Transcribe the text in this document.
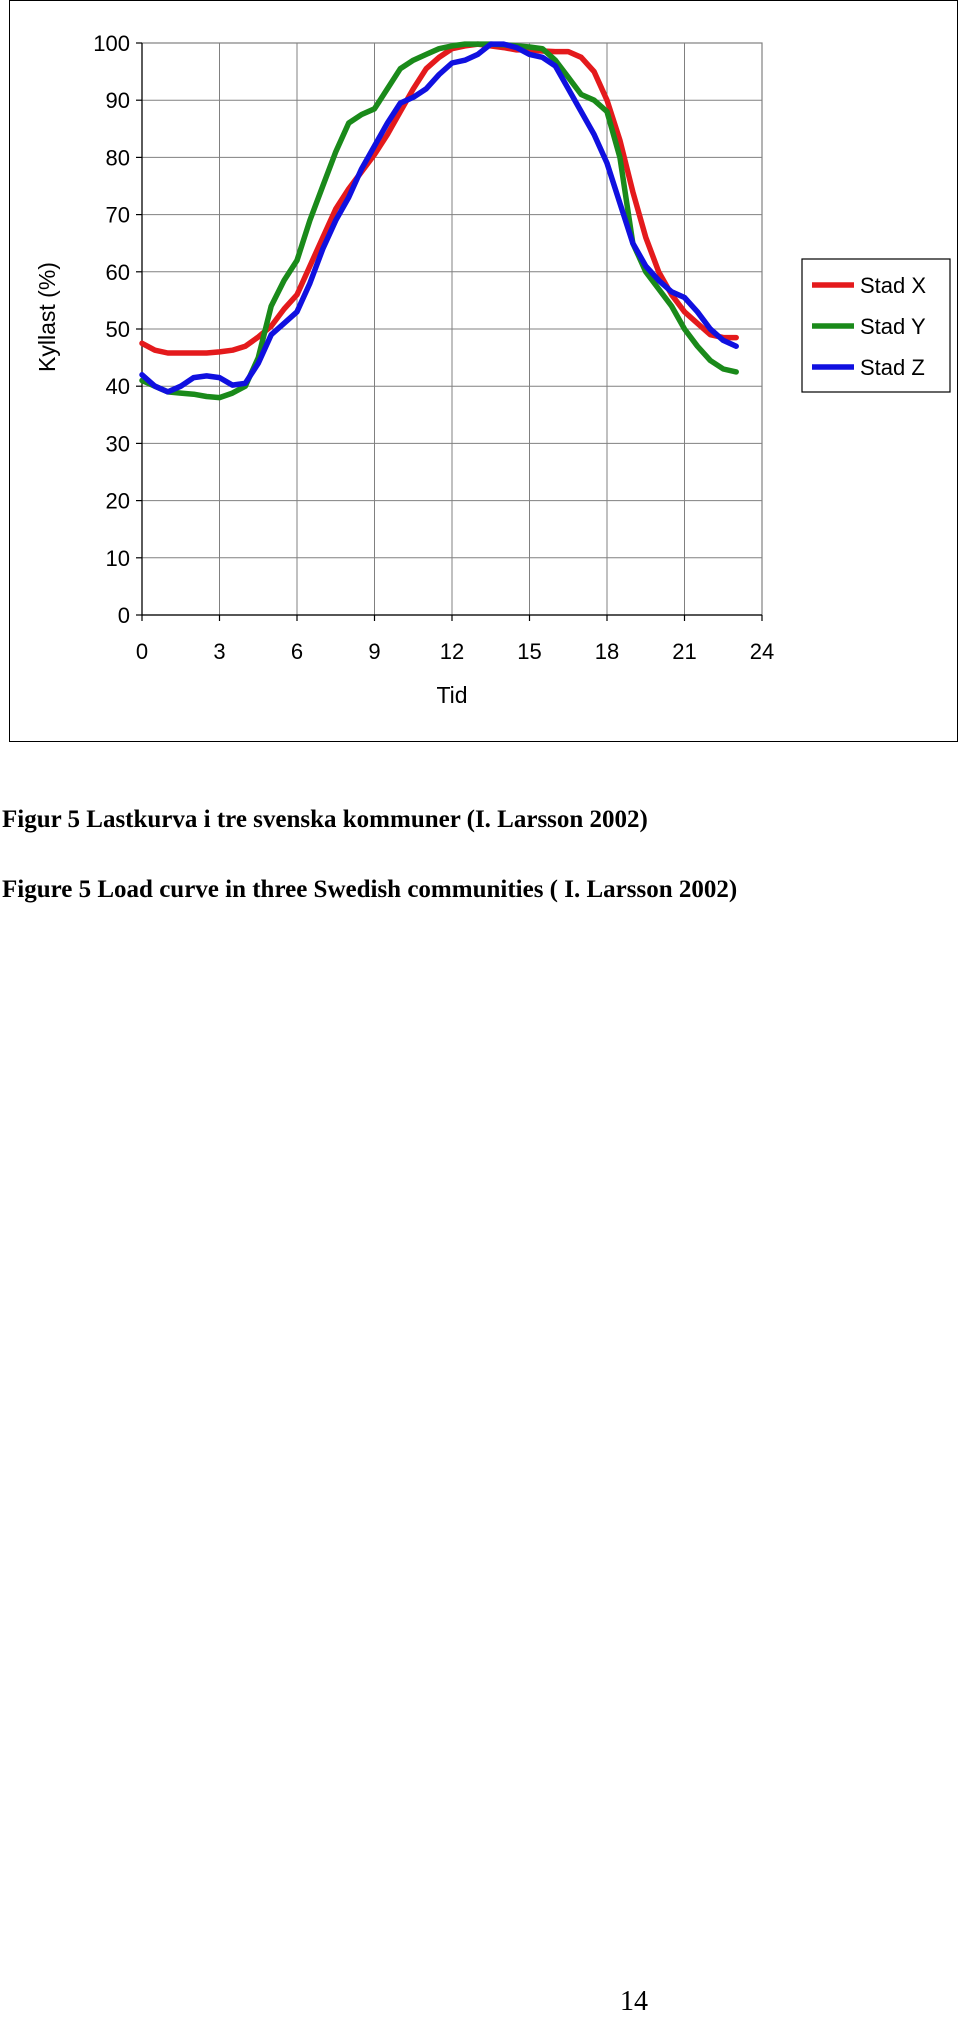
0
10
20
30
40
50
60
70
80
90
100
0	3	6	9	12 15 18 21 24
Tid
Kyllast (%)	Stad X
Stad Y
Stad Z
Figur 5 Lastkurva i tre svenska kommuner (I. Larsson 2002)
Figure 5 Load curve in three Swedish communities ( I. Larsson 2002)
14
